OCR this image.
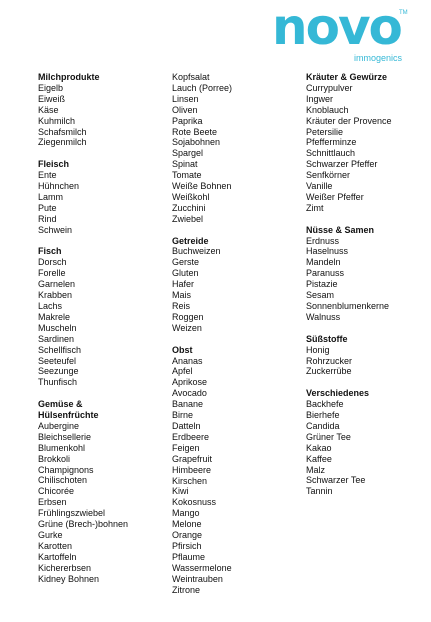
novo
TM
immogenics
Milchprodukte
Eigelb
Eiweiß
Käse
Kuhmilch
Schafsmilch
Ziegenmilch
Fleisch
Ente
Hühnchen
Lamm
Pute
Rind
Schwein
Fisch
Dorsch
Forelle
Garnelen
Krabben
Lachs
Makrele
Muscheln
Sardinen
Schellfisch
Seeteufel
Seezunge
Thunfisch
Gemüse &
Hülsenfrüchte
Aubergine
Bleichsellerie
Blumenkohl
Brokkoli
Champignons
Chilischoten
Chicorée
Erbsen
Frühlingszwiebel
Grüne (Brech-)bohnen
Gurke
Karotten
Kartoffeln
Kichererbsen
Kidney Bohnen
Kopfsalat
Lauch (Porree)
Linsen
Oliven
Paprika
Rote Beete
Sojabohnen
Spargel
Spinat
Tomate
Weiße Bohnen
Weißkohl
Zucchini
Zwiebel
Getreide
Buchweizen
Gerste
Gluten
Hafer
Mais
Reis
Roggen
Weizen
Obst
Ananas
Apfel
Aprikose
Avocado
Banane
Birne
Datteln
Erdbeere
Feigen
Grapefruit
Himbeere
Kirschen
Kiwi
Kokosnuss
Mango
Melone
Orange
Pfirsich
Pflaume
Wassermelone
Weintrauben
Zitrone
Kräuter & Gewürze
Currypulver
Ingwer
Knoblauch
Kräuter der Provence
Petersilie
Pfefferminze
Schnittlauch
Schwarzer Pfeffer
Senfkörner
Vanille
Weißer Pfeffer
Zimt
Nüsse & Samen
Erdnuss
Haselnuss
Mandeln
Paranuss
Pistazie
Sesam
Sonnenblumenkerne
Walnuss
Süßstoffe
Honig
Rohrzucker
Zuckerrübe
Verschiedenes
Backhefe
Bierhefe
Candida
Grüner Tee
Kakao
Kaffee
Malz
Schwarzer Tee
Tannin
